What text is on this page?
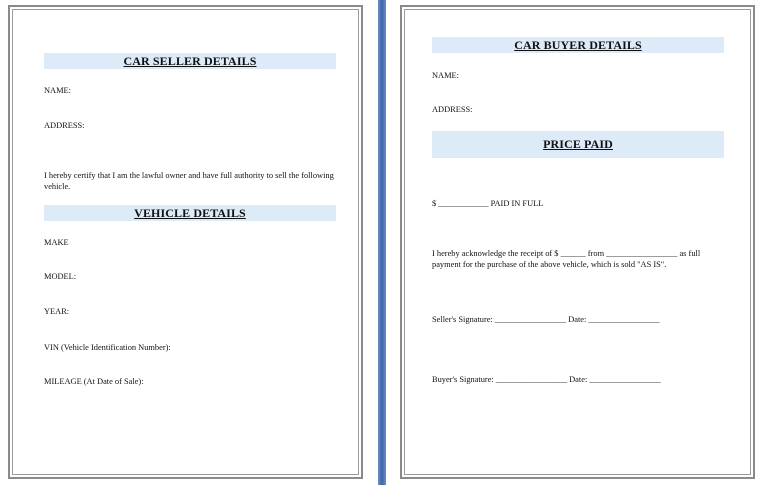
CAR SELLER DETAILS
NAME:
ADDRESS:
I hereby certify that I am the lawful owner and have full authority to sell the following vehicle.
VEHICLE DETAILS
MAKE
MODEL:
YEAR:
VIN (Vehicle Identification Number):
MILEAGE (At Date of Sale):
CAR BUYER DETAILS
NAME:
ADDRESS:
PRICE PAID
$ ____________ PAID IN FULL
I hereby acknowledge the receipt of $ ______ from _________________ as full
payment for the purchase of the above vehicle, which is sold "AS IS".
Seller's Signature: _________________ Date: _________________
Buyer's Signature: _________________ Date: _________________
